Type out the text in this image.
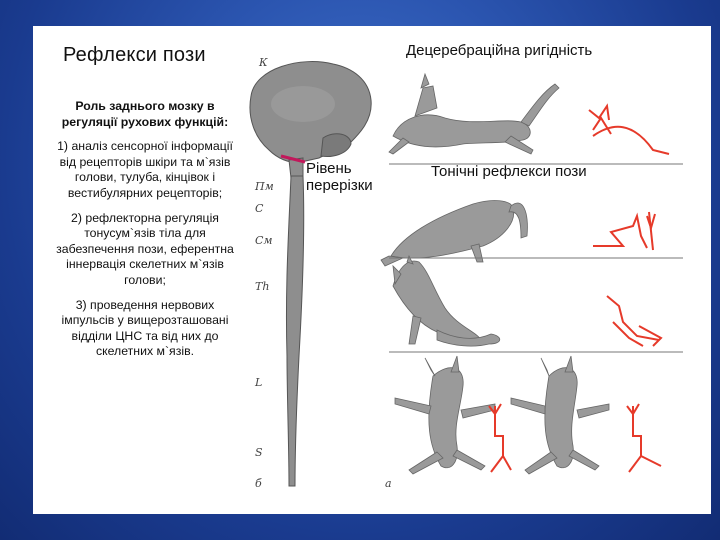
Рефлекси пози

Роль заднього мозку в регуляції рухових функцій:

1) аналіз сенсорної інформації від рецепторів шкіри та м`язів голови, тулуба, кінцівок і вестибулярних рецепторів;

2) рефлекторна регуляція тонусум`язів тіла для забезпечення пози, еферентна іннервація скелетних м`язів голови;

3) проведення нервових імпульсів у вищерозташовані відділи ЦНС та від них до скелетних м`язів.

Децеребраційна ригідність
Тонічні рефлекси пози
Рівень
перерізки
К
Пм
С
См
Th
L
S
б	а
